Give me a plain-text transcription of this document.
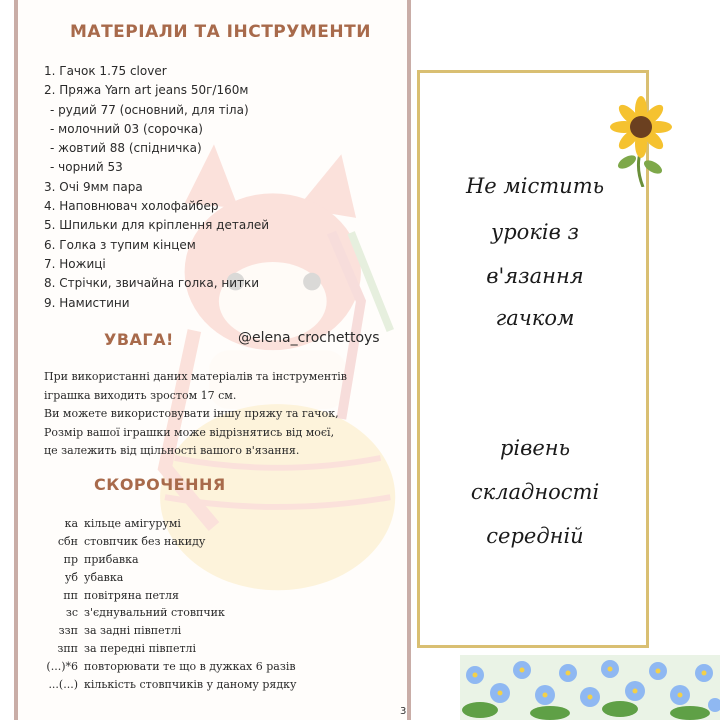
МАТЕРІАЛИ ТА ІНСТРУМЕНТИ
1. Гачок 1.75 clover
2. Пряжа Yarn art jeans 50г/160м
- рудий 77 (основний, для тіла)
- молочний 03 (сорочка)
- жовтий 88 (спідничка)
- чорний 53
3. Очі 9мм пара
4. Наповнювач холофайбер
5. Шпильки для кріплення деталей
6. Голка з тупим кінцем
7. Ножиці
8. Стрічки, звичайна голка, нитки
9. Намистини
УВАГА!	@elena_crochettoys
При використанні даних матеріалів та інструментів
іграшка виходить зростом 17 см.
Ви можете використовувати іншу пряжу та гачок,
Розмір вашої іграшки може відрізнятись від моєї,
це залежить від щільності вашого в'язання.
СКОРОЧЕННЯ
ка кільце амігурумі
сбн стовпчик без накиду
пр прибавка
уб убавка
пп повітряна петля
зс з'єднувальний стовпчик
ззп за задні півпетлі
зпп за передні півпетлі
(...)*6 повторювати те що в дужках 6 разів
...(...) кількість стовпчиків у даному рядку
3
Не містить
уроків з
в'язання
гачком
рівень
складності
середній
